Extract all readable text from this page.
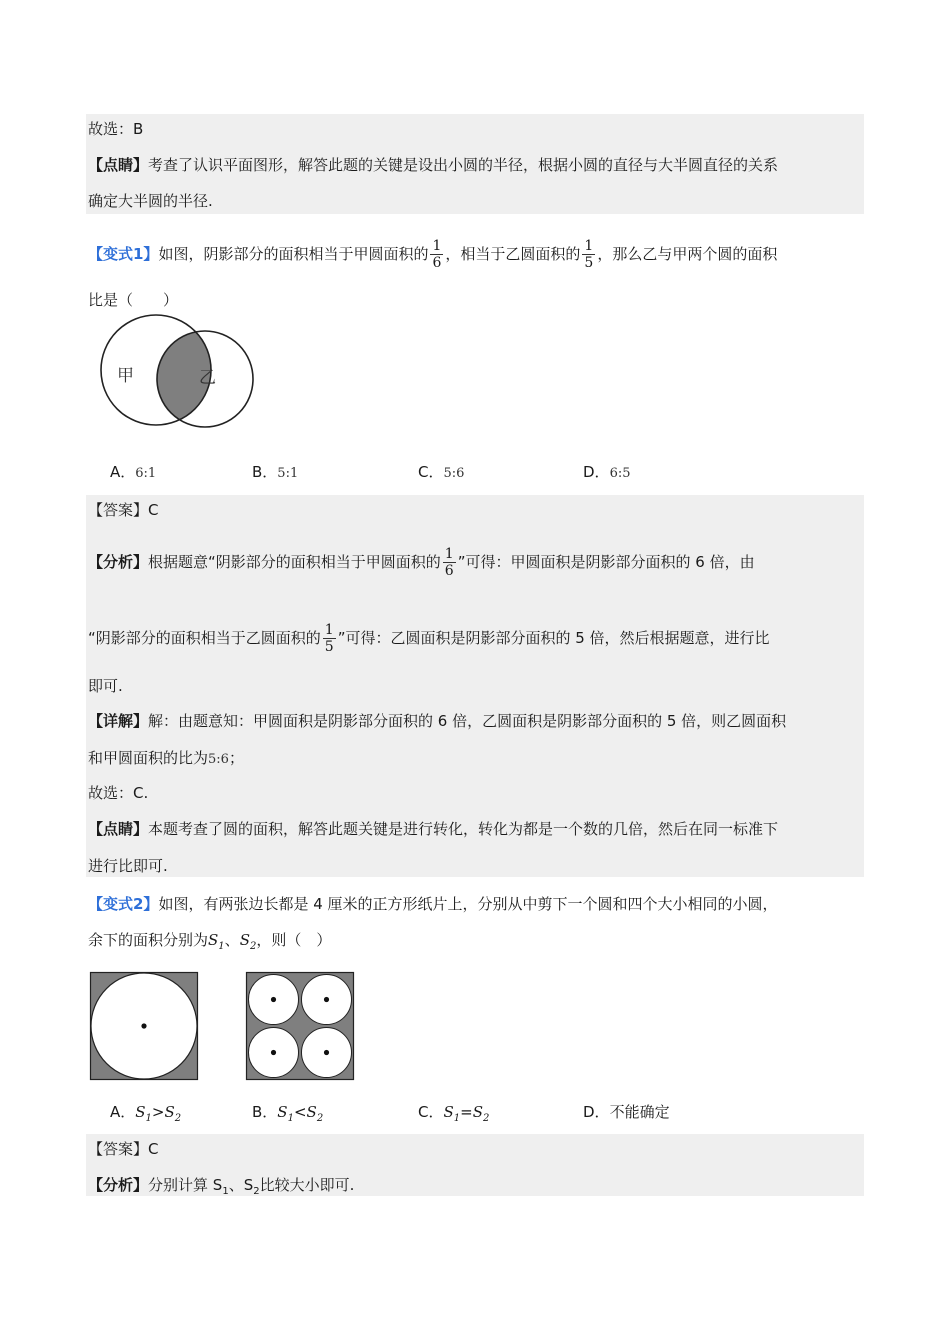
故选：B
【点睛】考查了认识平面图形，解答此题的关键是设出小圆的半径，根据小圆的直径与大半圆直径的关系
确定大半圆的半径.
【变式1】如图，阴影部分的面积相当于甲圆面积的 $\frac{1}{6}$ ，相当于乙圆面积的 $\frac{1}{5}$ ，那么乙与甲两个圆的面积
比是（　　）
甲	乙
A．6:1	B．5:1	C．5:6	D．6:5
【答案】C
【分析】根据题意“阴影部分的面积相当于甲圆面积的 $\frac{1}{6}$ ”可得：甲圆面积是阴影部分面积的 6 倍，由
“阴影部分的面积相当于乙圆面积的 $\frac{1}{5}$ ”可得：乙圆面积是阴影部分面积的 5 倍，然后根据题意，进行比
即可.
【详解】解：由题意知：甲圆面积是阴影部分面积的 6 倍，乙圆面积是阴影部分面积的 5 倍，则乙圆面积
和甲圆面积的比为5:6；
故选：C.
【点睛】本题考查了圆的面积，解答此题关键是进行转化，转化为都是一个数的几倍，然后在同一标准下
进行比即可.
【变式2】如图，有两张边长都是 4 厘米的正方形纸片上，分别从中剪下一个圆和四个大小相同的小圆，
余下的面积分别为$S_1$、$S_2$，则（　）
A．$S_1>S_2$	B．$S_1<S_2$	C．$S_1=S_2$	D．不能确定
【答案】C
【分析】分别计算 $S_1$、$S_2$比较大小即可.
